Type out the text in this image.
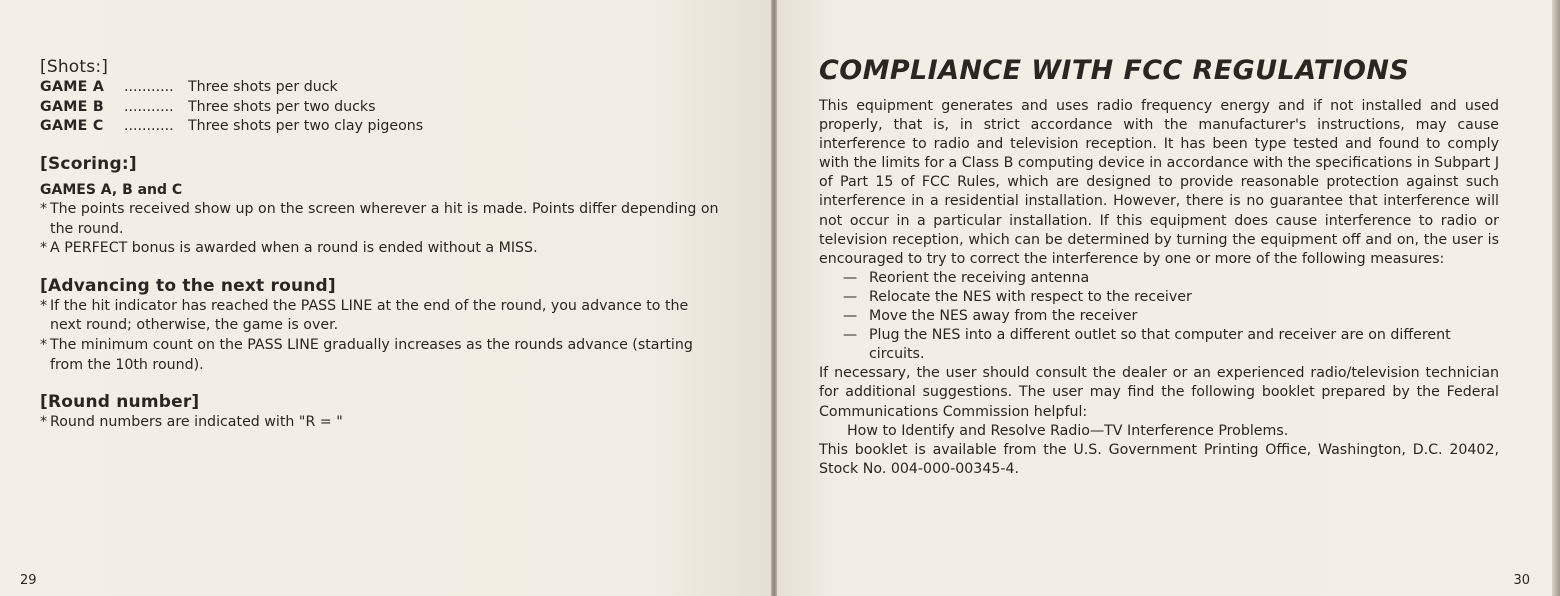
[Shots:]

GAME A	...........	Three shots per duck
GAME B	...........	Three shots per two ducks
GAME C	...........	Three shots per two clay pigeons

[Scoring:]

GAMES A, B and C
* The points received show up on the screen wherever a hit is made. Points differ depending on the round.
* A PERFECT bonus is awarded when a round is ended without a MISS.

[Advancing to the next round]

* If the hit indicator has reached the PASS LINE at the end of the round, you advance to the next round; otherwise, the game is over.
* The minimum count on the PASS LINE gradually increases as the rounds advance (starting from the 10th round).

[Round number]

* Round numbers are indicated with "R = "
29
COMPLIANCE WITH FCC REGULATIONS
This equipment generates and uses radio frequency energy and if not installed and used properly, that is, in strict accordance with the manufacturer's instructions, may cause interference to radio and television reception. It has been type tested and found to comply with the limits for a Class B computing device in accordance with the specifications in Subpart J of Part 15 of FCC Rules, which are designed to provide reasonable protection against such interference in a residential installation. However, there is no guarantee that interference will not occur in a particular installation. If this equipment does cause interference to radio or television reception, which can be determined by turning the equipment off and on, the user is encouraged to try to correct the interference by one or more of the following measures:
— Reorient the receiving antenna
— Relocate the NES with respect to the receiver
— Move the NES away from the receiver
— Plug the NES into a different outlet so that computer and receiver are on different circuits.
If necessary, the user should consult the dealer or an experienced radio/television technician for additional suggestions. The user may find the following booklet prepared by the Federal Communications Commission helpful:
How to Identify and Resolve Radio—TV Interference Problems.
This booklet is available from the U.S. Government Printing Office, Washington, D.C. 20402, Stock No. 004-000-00345-4.
30
